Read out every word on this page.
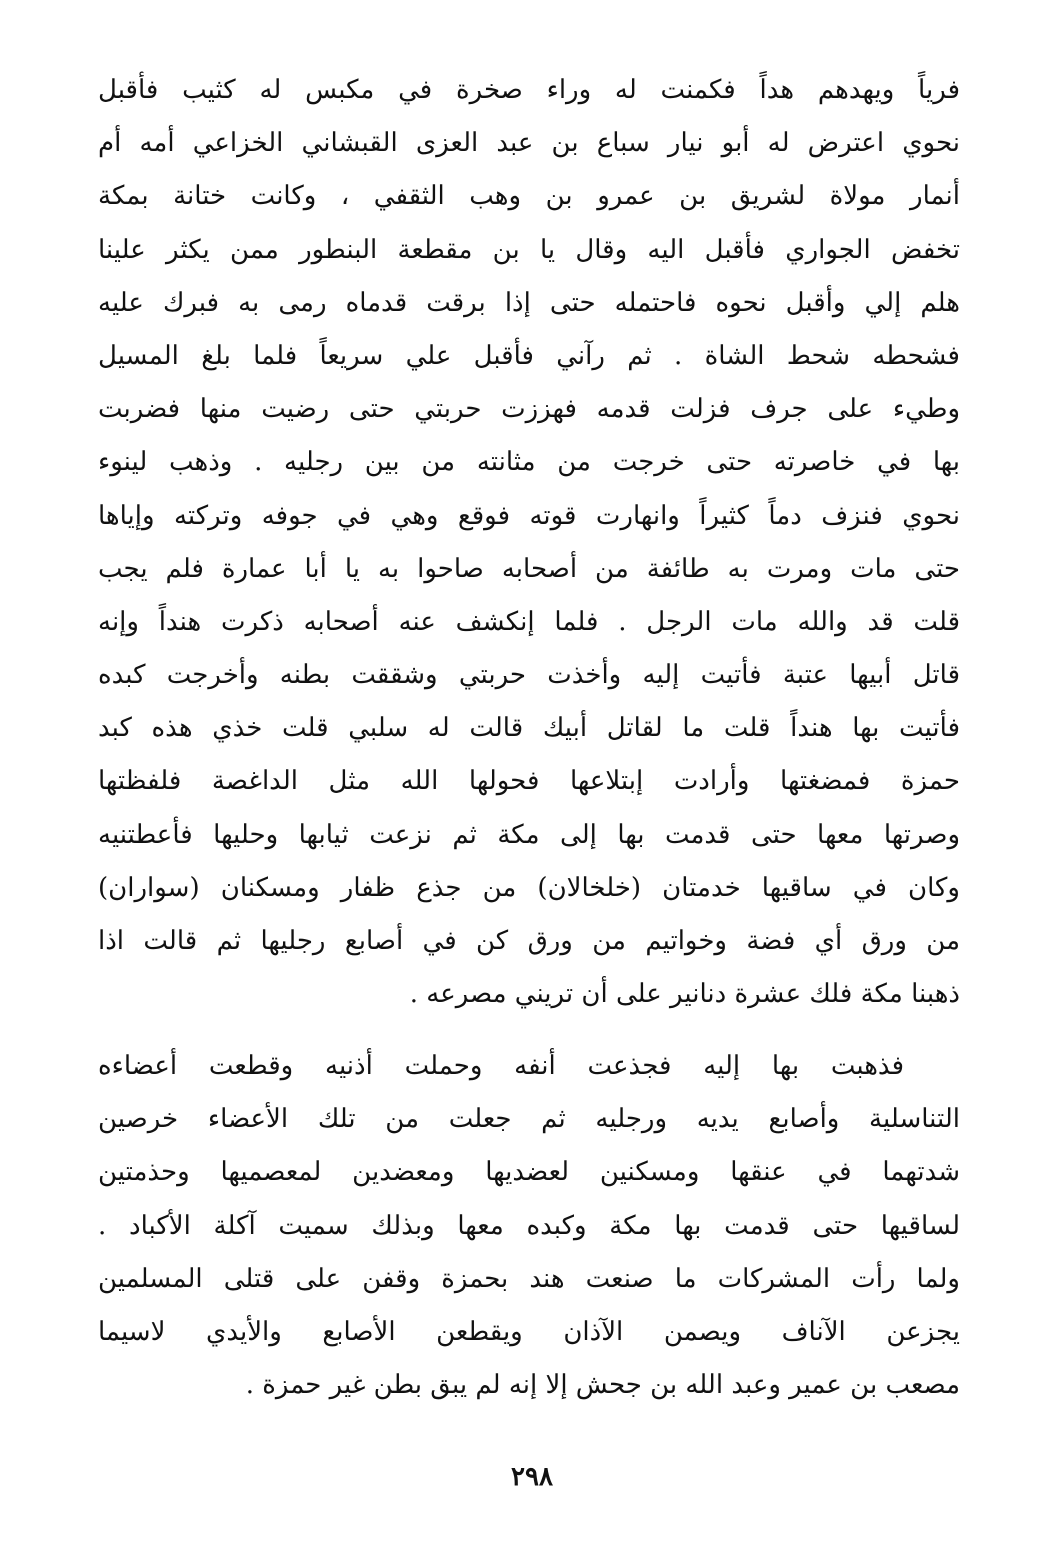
فرياً ويهدهم هداً فكمنت له وراء صخرة في مكبس له كثيب فأقبل
نحوي اعترض له أبو نيار سباع بن عبد العزى القبشاني الخزاعي أمه أم
أنمار مولاة لشريق بن عمرو بن وهب الثقفي ، وكانت ختانة بمكة
تخفض الجواري فأقبل اليه وقال يا بن مقطعة البنطور ممن يكثر علينا
هلم إلي وأقبل نحوه فاحتمله حتى إذا برقت قدماه رمى به فبرك عليه
فشحطه شحط الشاة . ثم رآني فأقبل علي سريعاً فلما بلغ المسيل
وطيء على جرف فزلت قدمه فهززت حربتي حتى رضيت منها فضربت
بها في خاصرته حتى خرجت من مثانته من بين رجليه . وذهب لينوء
نحوي فنزف دماً كثيراً وانهارت قوته فوقع وهي في جوفه وتركته وإياها
حتى مات ومرت به طائفة من أصحابه صاحوا به يا أبا عمارة فلم يجب
قلت قد والله مات الرجل . فلما إنكشف عنه أصحابه ذكرت هنداً وإنه
قاتل أبيها عتبة فأتيت إليه وأخذت حربتي وشققت بطنه وأخرجت كبده
فأتيت بها هنداً قلت ما لقاتل أبيك قالت له سلبي قلت خذي هذه كبد
حمزة فمضغتها وأرادت إبتلاعها فحولها الله مثل الداغصة فلفظتها
وصرتها معها حتى قدمت بها إلى مكة ثم نزعت ثيابها وحليها فأعطتنيه
وكان في ساقيها خدمتان (خلخالان) من جذع ظفار ومسكنان (سواران)
من ورق أي فضة وخواتيم من ورق كن في أصابع رجليها ثم قالت اذا
ذهبنا مكة فلك عشرة دنانير على أن تريني مصرعه .
فذهبت بها إليه فجذعت أنفه وحملت أذنيه وقطعت أعضاءه
التناسلية وأصابع يديه ورجليه ثم جعلت من تلك الأعضاء خرصين
شدتهما في عنقها ومسكنين لعضديها ومعضدين لمعصميها وحذمتين
لساقيها حتى قدمت بها مكة وكبده معها وبذلك سميت آكلة الأكباد .
ولما رأت المشركات ما صنعت هند بحمزة وقفن على قتلى المسلمين
يجزعن الآناف ويصمن الآذان ويقطعن الأصابع والأيدي لاسيما
مصعب بن عمير وعبد الله بن جحش إلا إنه لم يبق بطن غير حمزة .
٢٩٨
